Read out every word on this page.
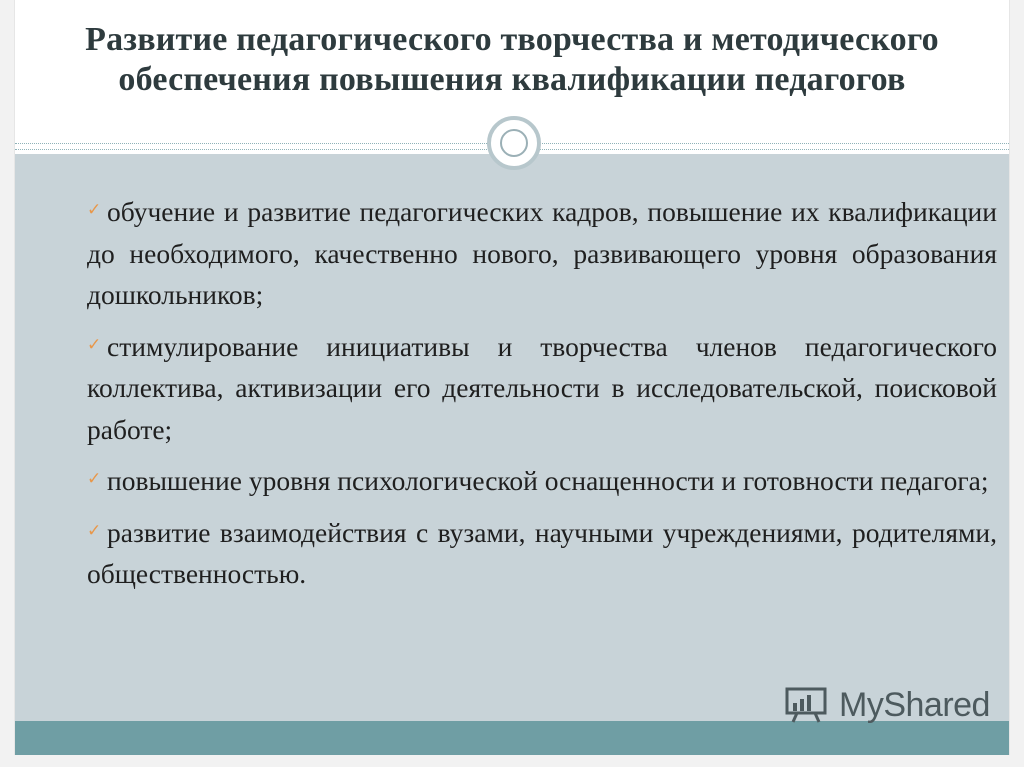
Развитие педагогического творчества и методического обеспечения повышения квалификации педагогов
✓ обучение и развитие педагогических кадров, повышение их квалификации до необходимого, качественно нового, развивающего уровня образования дошкольников;
✓ стимулирование инициативы и творчества членов педагогического коллектива, активизации его деятельности в исследовательской, поисковой работе;
✓ повышение уровня психологической оснащенности и готовности педагога;
✓ развитие взаимодействия с вузами, научными учреждениями, родителями, общественностью.
MyShared
